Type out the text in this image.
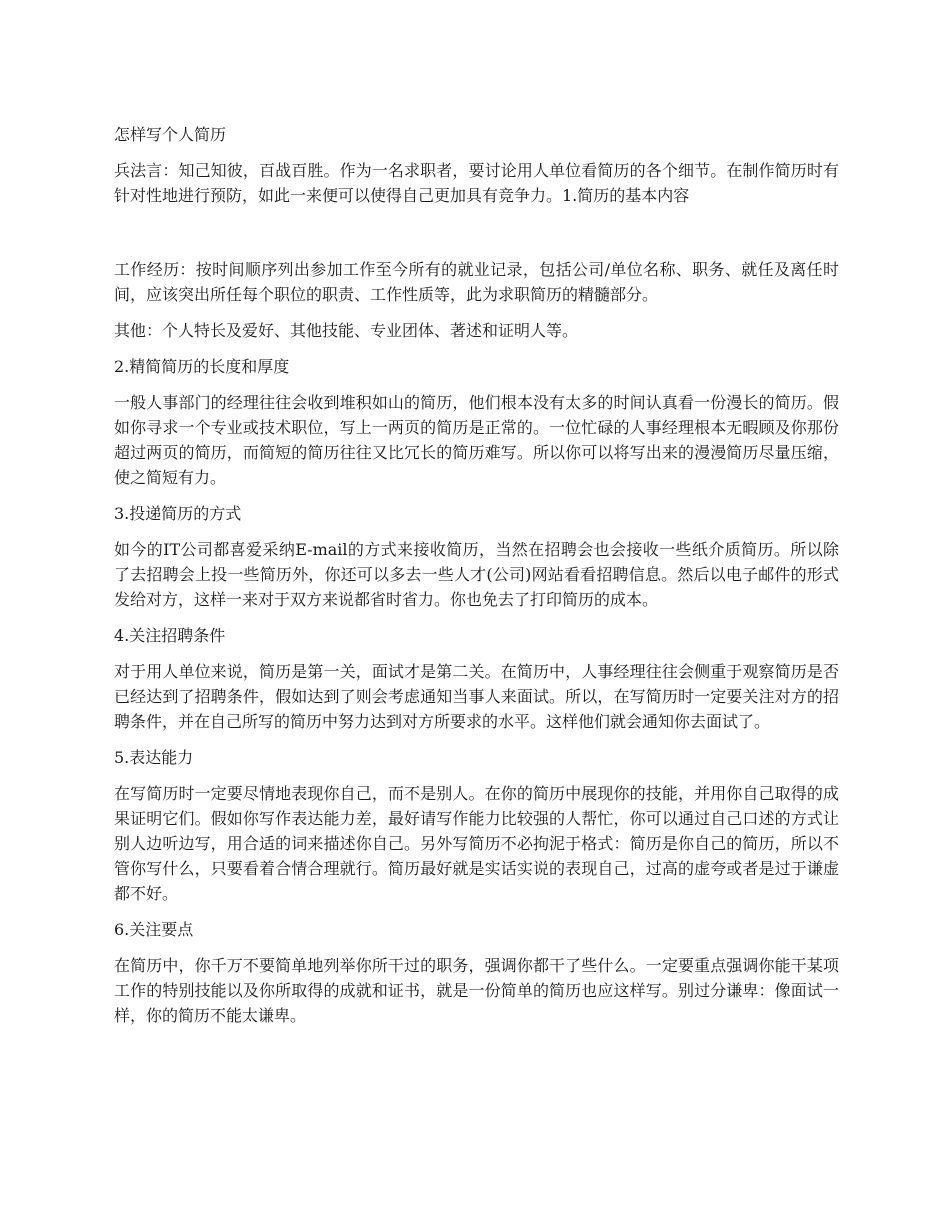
怎样写个人简历

兵法言：知己知彼，百战百胜。作为一名求职者，要讨论用人单位看简历的各个细节。在制作简历时有针对性地进行预防，如此一来便可以使得自己更加具有竞争力。1.简历的基本内容

工作经历：按时间顺序列出参加工作至今所有的就业记录，包括公司/单位名称、职务、就任及离任时间，应该突出所任每个职位的职责、工作性质等，此为求职简历的精髓部分。

其他：个人特长及爱好、其他技能、专业团体、著述和证明人等。

2.精简简历的长度和厚度

一般人事部门的经理往往会收到堆积如山的简历，他们根本没有太多的时间认真看一份漫长的简历。假如你寻求一个专业或技术职位，写上一两页的简历是正常的。一位忙碌的人事经理根本无暇顾及你那份超过两页的简历，而简短的简历往往又比冗长的简历难写。所以你可以将写出来的漫漫简历尽量压缩，使之简短有力。

3.投递简历的方式

如今的IT公司都喜爱采纳E-mail的方式来接收简历，当然在招聘会也会接收一些纸介质简历。所以除了去招聘会上投一些简历外，你还可以多去一些人才(公司)网站看看招聘信息。然后以电子邮件的形式发给对方，这样一来对于双方来说都省时省力。你也免去了打印简历的成本。

4.关注招聘条件

对于用人单位来说，简历是第一关，面试才是第二关。在简历中，人事经理往往会侧重于观察简历是否已经达到了招聘条件，假如达到了则会考虑通知当事人来面试。所以，在写简历时一定要关注对方的招聘条件，并在自己所写的简历中努力达到对方所要求的水平。这样他们就会通知你去面试了。

5.表达能力

在写简历时一定要尽情地表现你自己，而不是别人。在你的简历中展现你的技能，并用你自己取得的成果证明它们。假如你写作表达能力差，最好请写作能力比较强的人帮忙，你可以通过自己口述的方式让别人边听边写，用合适的词来描述你自己。另外写简历不必拘泥于格式：简历是你自己的简历，所以不管你写什么，只要看着合情合理就行。简历最好就是实话实说的表现自己，过高的虚夸或者是过于谦虚都不好。

6.关注要点

在简历中，你千万不要简单地列举你所干过的职务，强调你都干了些什么。一定要重点强调你能干某项工作的特别技能以及你所取得的成就和证书，就是一份简单的简历也应这样写。别过分谦卑：像面试一样，你的简历不能太谦卑。
